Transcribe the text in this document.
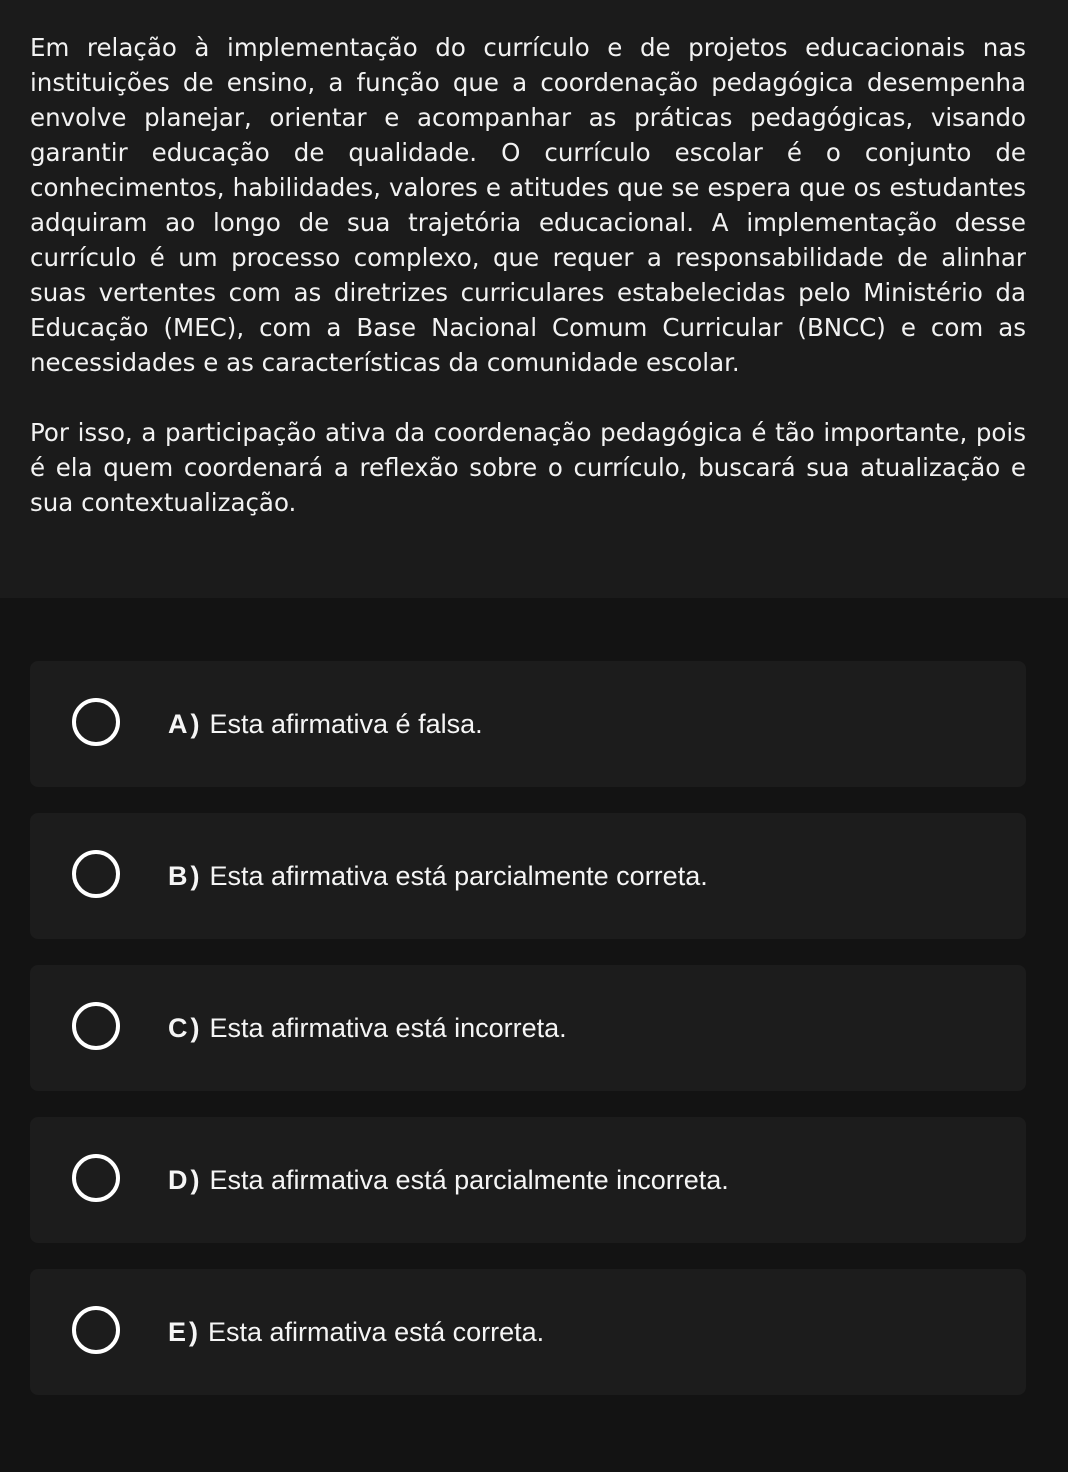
Em relação à implementação do currículo e de projetos educacionais nas instituições de ensino, a função que a coordenação pedagógica desempenha envolve planejar, orientar e acompanhar as práticas pedagógicas, visando garantir educação de qualidade. O currículo escolar é o conjunto de conhecimentos, habilidades, valores e atitudes que se espera que os estudantes adquiram ao longo de sua trajetória educacional. A implementação desse currículo é um processo complexo, que requer a responsabilidade de alinhar suas vertentes com as diretrizes curriculares estabelecidas pelo Ministério da Educação (MEC), com a Base Nacional Comum Curricular (BNCC) e com as necessidades e as características da comunidade escolar.

Por isso, a participação ativa da coordenação pedagógica é tão importante, pois é ela quem coordenará a reflexão sobre o currículo, buscará sua atualização e sua contextualização.

A ) Esta afirmativa é falsa.
B ) Esta afirmativa está parcialmente correta.
C ) Esta afirmativa está incorreta.
D ) Esta afirmativa está parcialmente incorreta.
E ) Esta afirmativa está correta.
